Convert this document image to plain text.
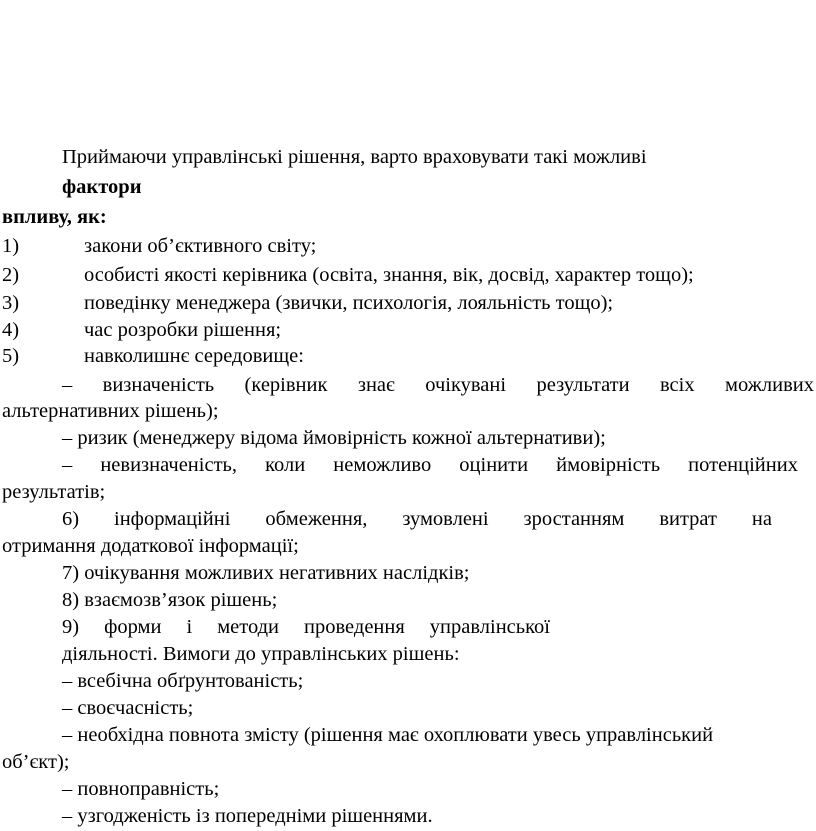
Приймаючи управлінські рішення, варто враховувати такі можливі
фактори
впливу, як:
1)	закони об’єктивного світу;
2)	особисті якості керівника (освіта, знання, вік, досвід, характер тощо);
3)	поведінку менеджера (звички, психологія, лояльність тощо);
4)	час розробки рішення;
5)	навколишнє середовище:
– визначеність (керівник знає очікувані результати всіх можливих
альтернативних рішень);
– ризик (менеджеру відома ймовірність кожної альтернативи);
– невизначеність, коли неможливо оцінити ймовірність потенційних
результатів;
6) інформаційні обмеження, зумовлені зростанням витрат на
отримання додаткової інформації;
7) очікування можливих негативних наслідків;
8) взаємозв’язок рішень;
9) форми і методи проведення управлінської
діяльності. Вимоги до управлінських рішень:
– всебічна обґрунтованість;
– своєчасність;
– необхідна повнота змісту (рішення має охоплювати увесь управлінський
об’єкт);
– повноправність;
– узгодженість із попередніми рішеннями.
